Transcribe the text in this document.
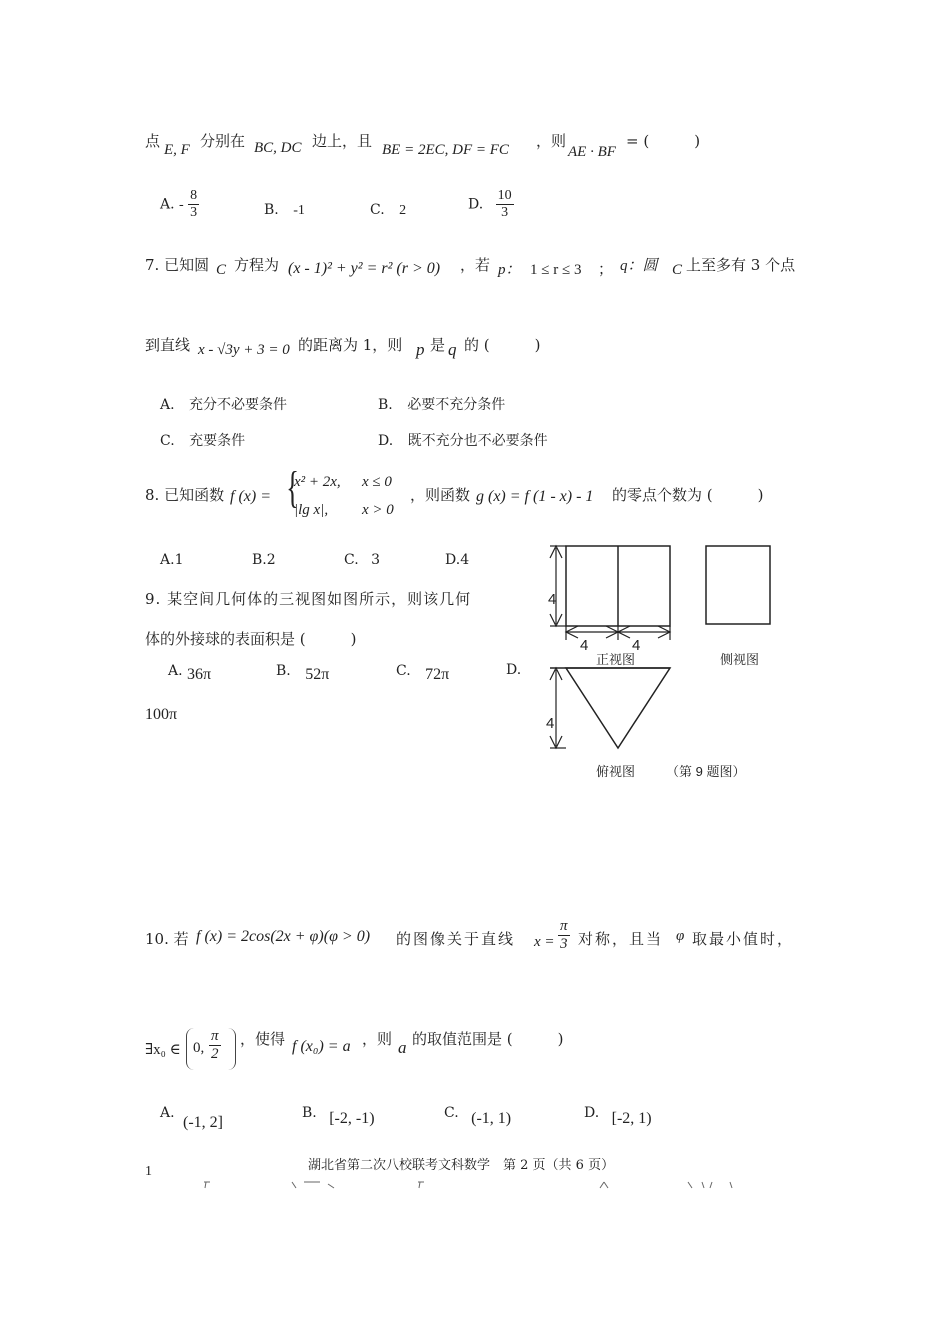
点 E, F 分别在 BC, DC 边上，且 BE = 2EC, DF = FC ，则
AE · BF
= (　　　)
A. - $\frac{8}{3}$	B. -1	C. 2	D. $\frac{10}{3}$
7. 已知圆 C 方程为 (x - 1)² + y² = r² (r > 0) ，若 p： 1 ≤ r ≤ 3 ； q：圆 C 上至多有 3 个点
到直线 x - √3y + 3 = 0 的距离为 1，则 p 是 q 的 (　　　)
A. 充分不必要条件	B. 必要不充分条件
C. 充要条件	D. 既不充分也不必要条件
8. 已知函数 f (x) = {
x² + 2x, x ≤ 0
|lg x|, x > 0
，则函数 g (x) = f (1 - x) - 1 的零点个数为 (　　　)
A.1	B.2	C. 3	D.4
9. 某空间几何体的三视图如图所示，则该几何
体的外接球的表面积是 (　　　)
A. 36π	B. 52π	C. 72π	D.
100π
4
4	4
正视图	侧视图
4
俯视图 （第 9 题图）
10. 若 f (x) = 2cos(2x + φ)(φ > 0) 的图像关于直线 $x = \frac{\pi}{3}$ 对称，且当 φ 取最小值时，
∃x₀ ∈ 0, $\frac{\pi}{2}$ ，使得 f (x₀) = a ，则 a 的取值范围是 (　　　)
A. (-1, 2]
B. [-2, -1)	C. (-1, 1)	D. [-2, 1)
湖北省第二次八校联考文科数学　第 2 页（共 6 页）
1
